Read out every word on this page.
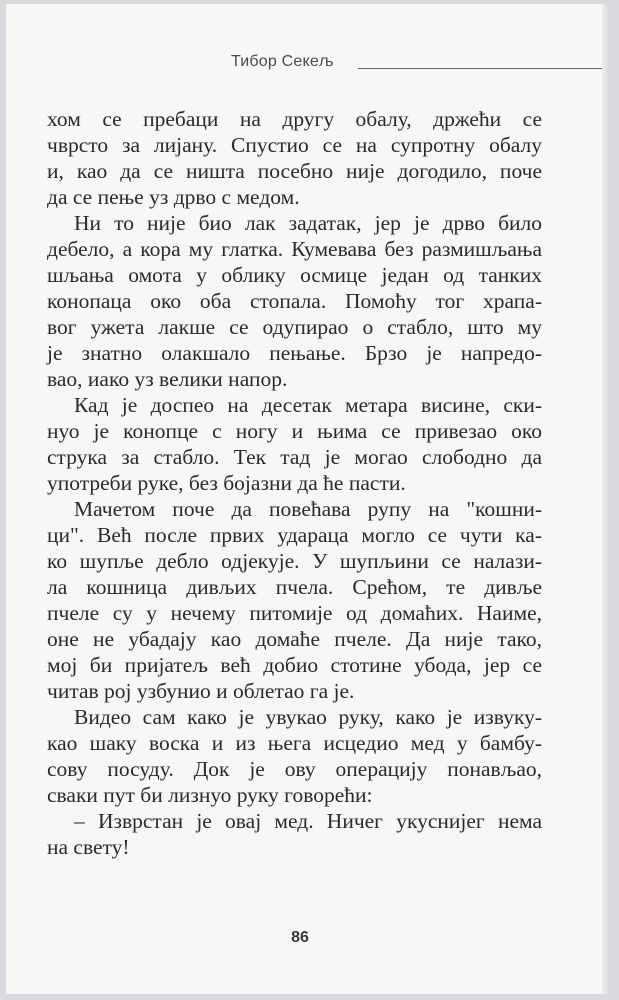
Тибор Секељ
хом се пребаци на другу обалу, држећи се
чврсто за лијану. Спустио се на супротну обалу
и, као да се ништа посебно није догодило, поче
да се пење уз дрво с медом.
Ни то није био лак задатак, јер је дрво било
дебело, а кора му глатка. Кумевава без размишљања
шљања омота у облику осмице један од танких
конопаца око оба стопала. Помоћу тог храпа-
вог ужета лакше се одупирао о стабло, што му
је знатно олакшало пењање. Брзо је напредо-
вао, иако уз велики напор.
Кад је доспео на десетак метара висине, ски-
нуо је конопце с ногу и њима се привезао око
струка за стабло. Тек тад је могао слободно да
употреби руке, без бојазни да ће пасти.
Мачетом поче да повећава рупу на "кошни-
ци". Већ после првих ударaца могло се чути ка-
ко шупље дебло одјекује. У шупљини се налази-
ла кошница дивљих пчела. Срећом, те дивље
пчеле су у нечему питомије од домаћих. Наиме,
оне не убадају као домаће пчеле. Да није тако,
мој би пријатељ већ добио стотине убода, јер се
читав рој узбунио и облетао га је.
Видео сам како је увукао руку, како је извуку-
као шаку воска и из њега исцедио мед у бамбу-
сову посуду. Док је ову операцију понављао,
сваки пут би лизнуо руку говорећи:
– Изврстан је овај мед. Ничег укуснијег нема
на свету!
86
